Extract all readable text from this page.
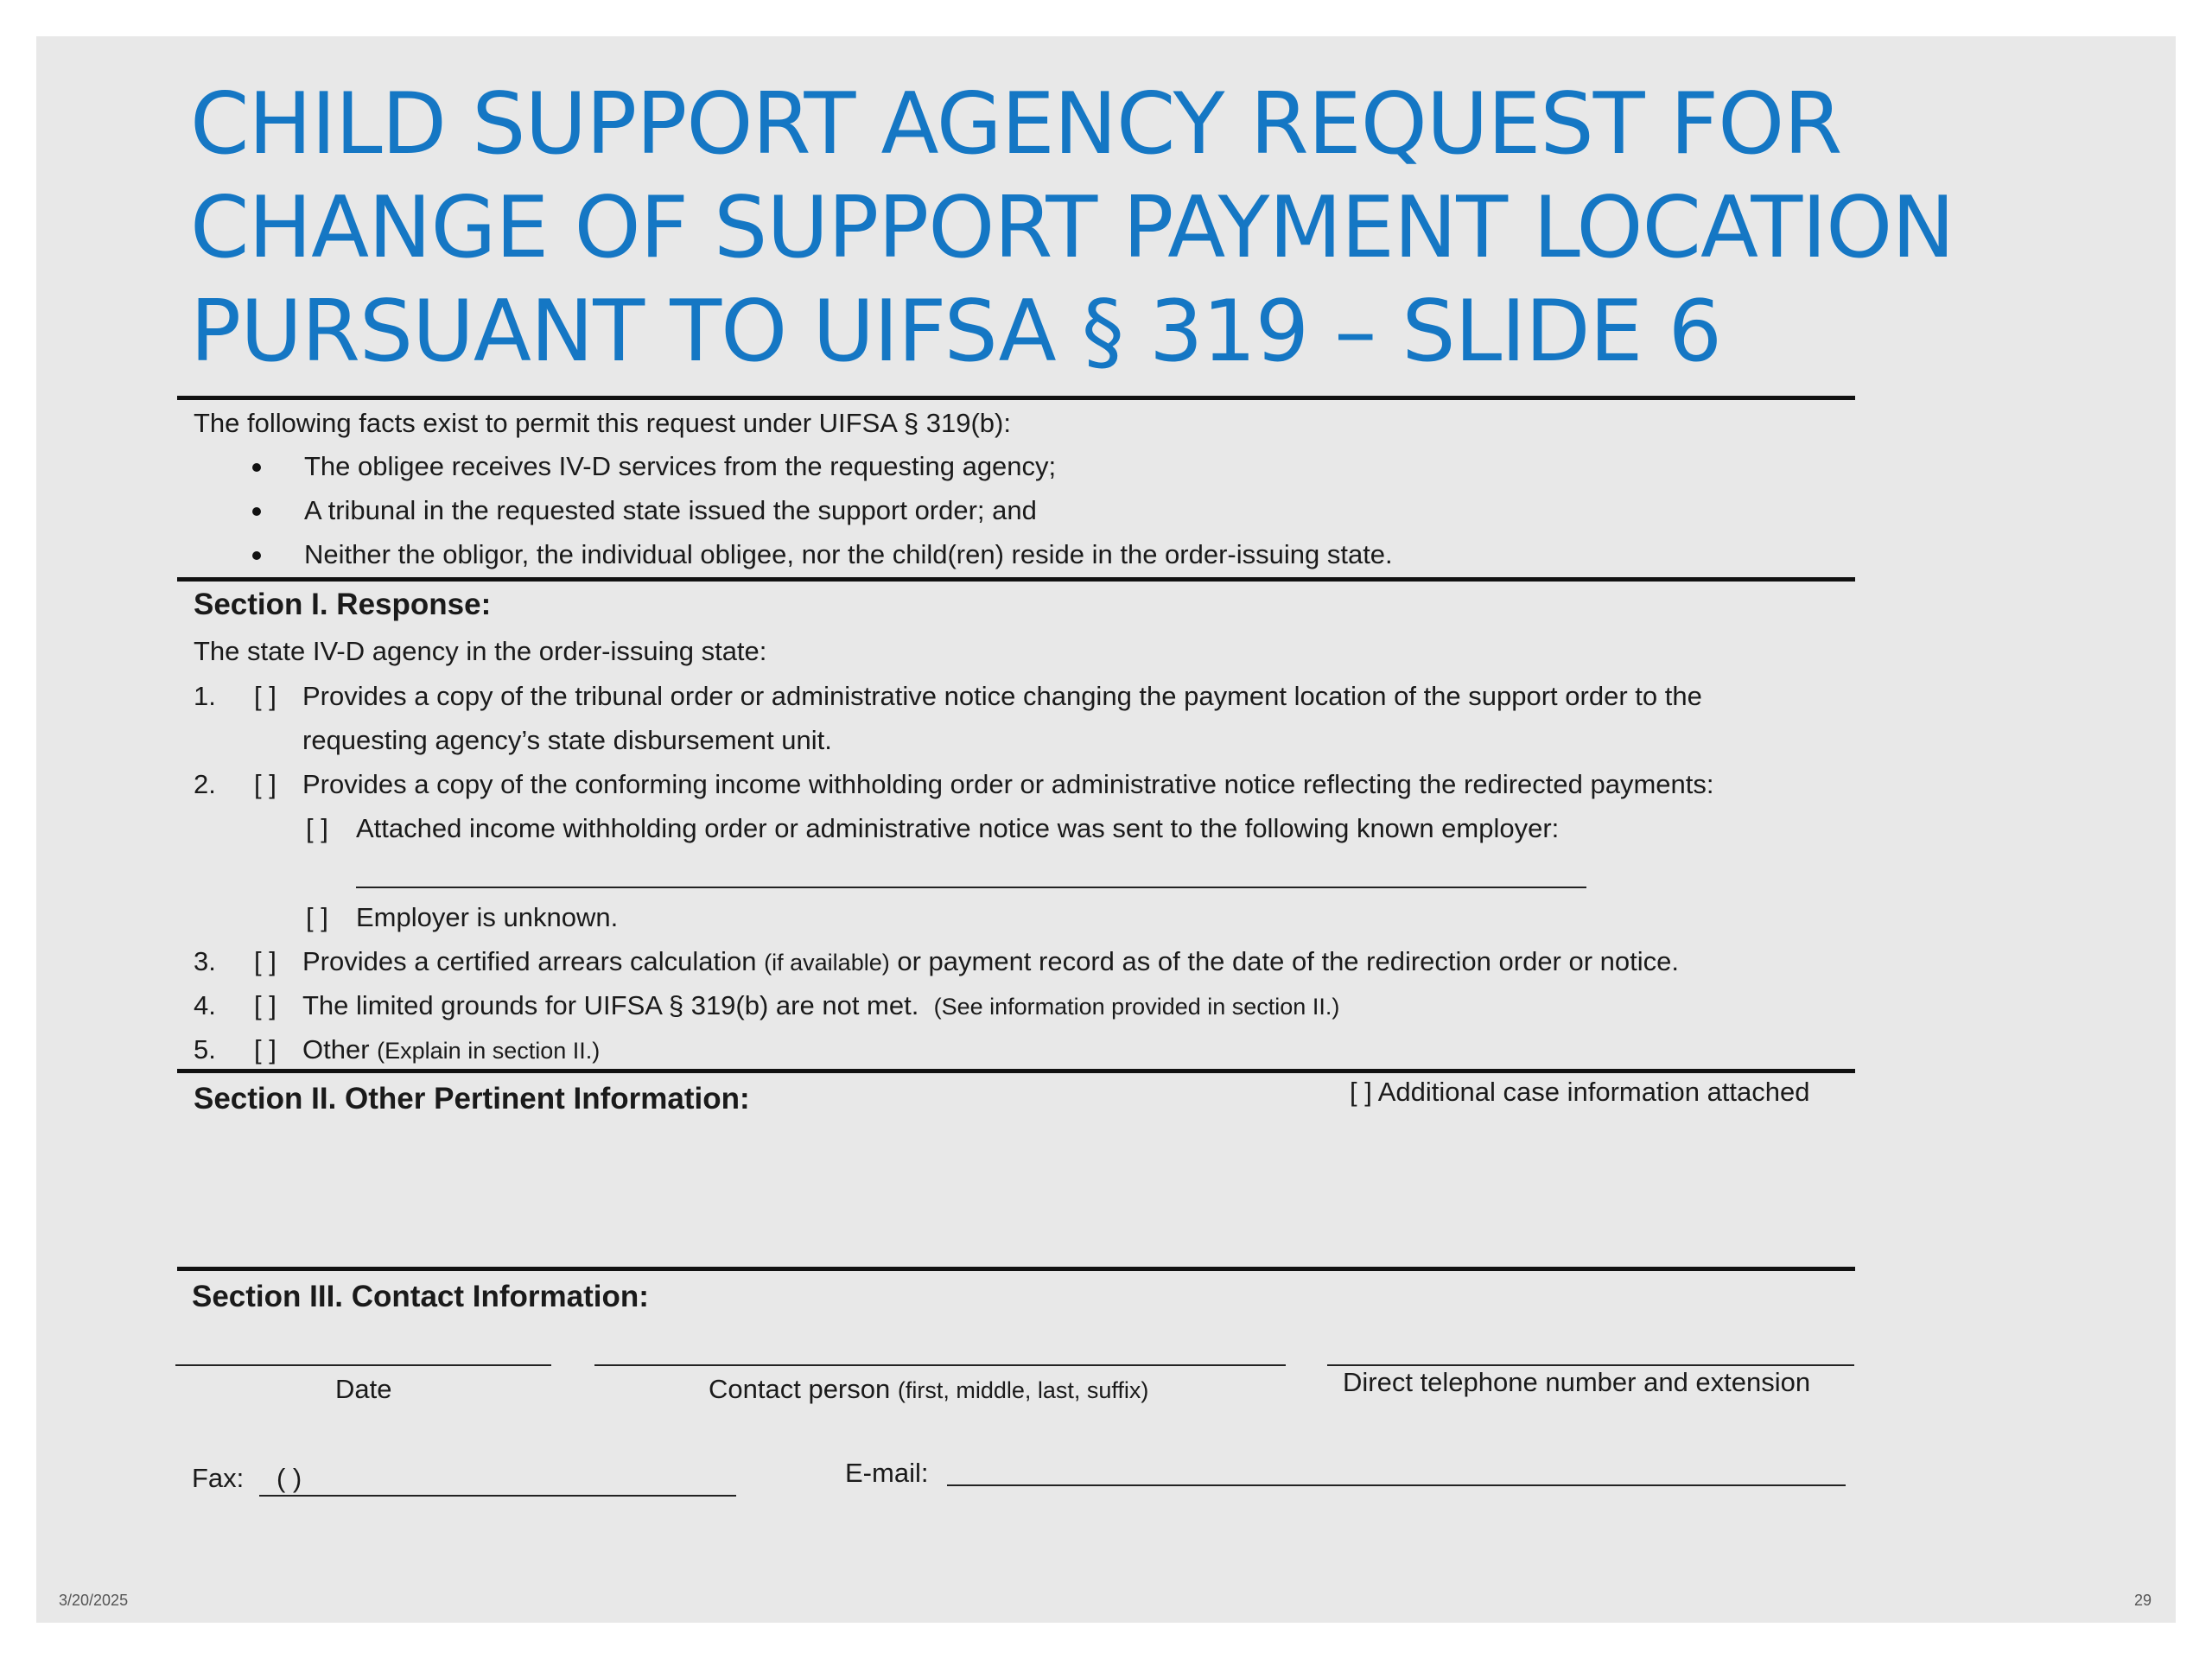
CHILD SUPPORT AGENCY REQUEST FOR
CHANGE OF SUPPORT PAYMENT LOCATION
PURSUANT TO UIFSA § 319 – SLIDE 6
The following facts exist to permit this request under UIFSA § 319(b):
The obligee receives IV-D services from the requesting agency;
A tribunal in the requested state issued the support order; and
Neither the obligor, the individual obligee, nor the child(ren) reside in the order-issuing state.
Section I. Response:
The state IV-D agency in the order-issuing state:
1. [ ] Provides a copy of the tribunal order or administrative notice changing the payment location of the support order to the
requesting agency’s state disbursement unit.
2. [ ] Provides a copy of the conforming income withholding order or administrative notice reflecting the redirected payments:
[ ] Attached income withholding order or administrative notice was sent to the following known employer:
[ ] Employer is unknown.
3. [ ] Provides a certified arrears calculation (if available) or payment record as of the date of the redirection order or notice.
4. [ ] The limited grounds for UIFSA § 319(b) are not met. (See information provided in section II.)
5. [ ] Other (Explain in section II.)
Section II. Other Pertinent Information:	[ ] Additional case information attached
Section III. Contact Information:
Date	Contact person (first, middle, last, suffix)	Direct telephone number and extension
Fax: ( )	E-mail:
3/20/2025	29
